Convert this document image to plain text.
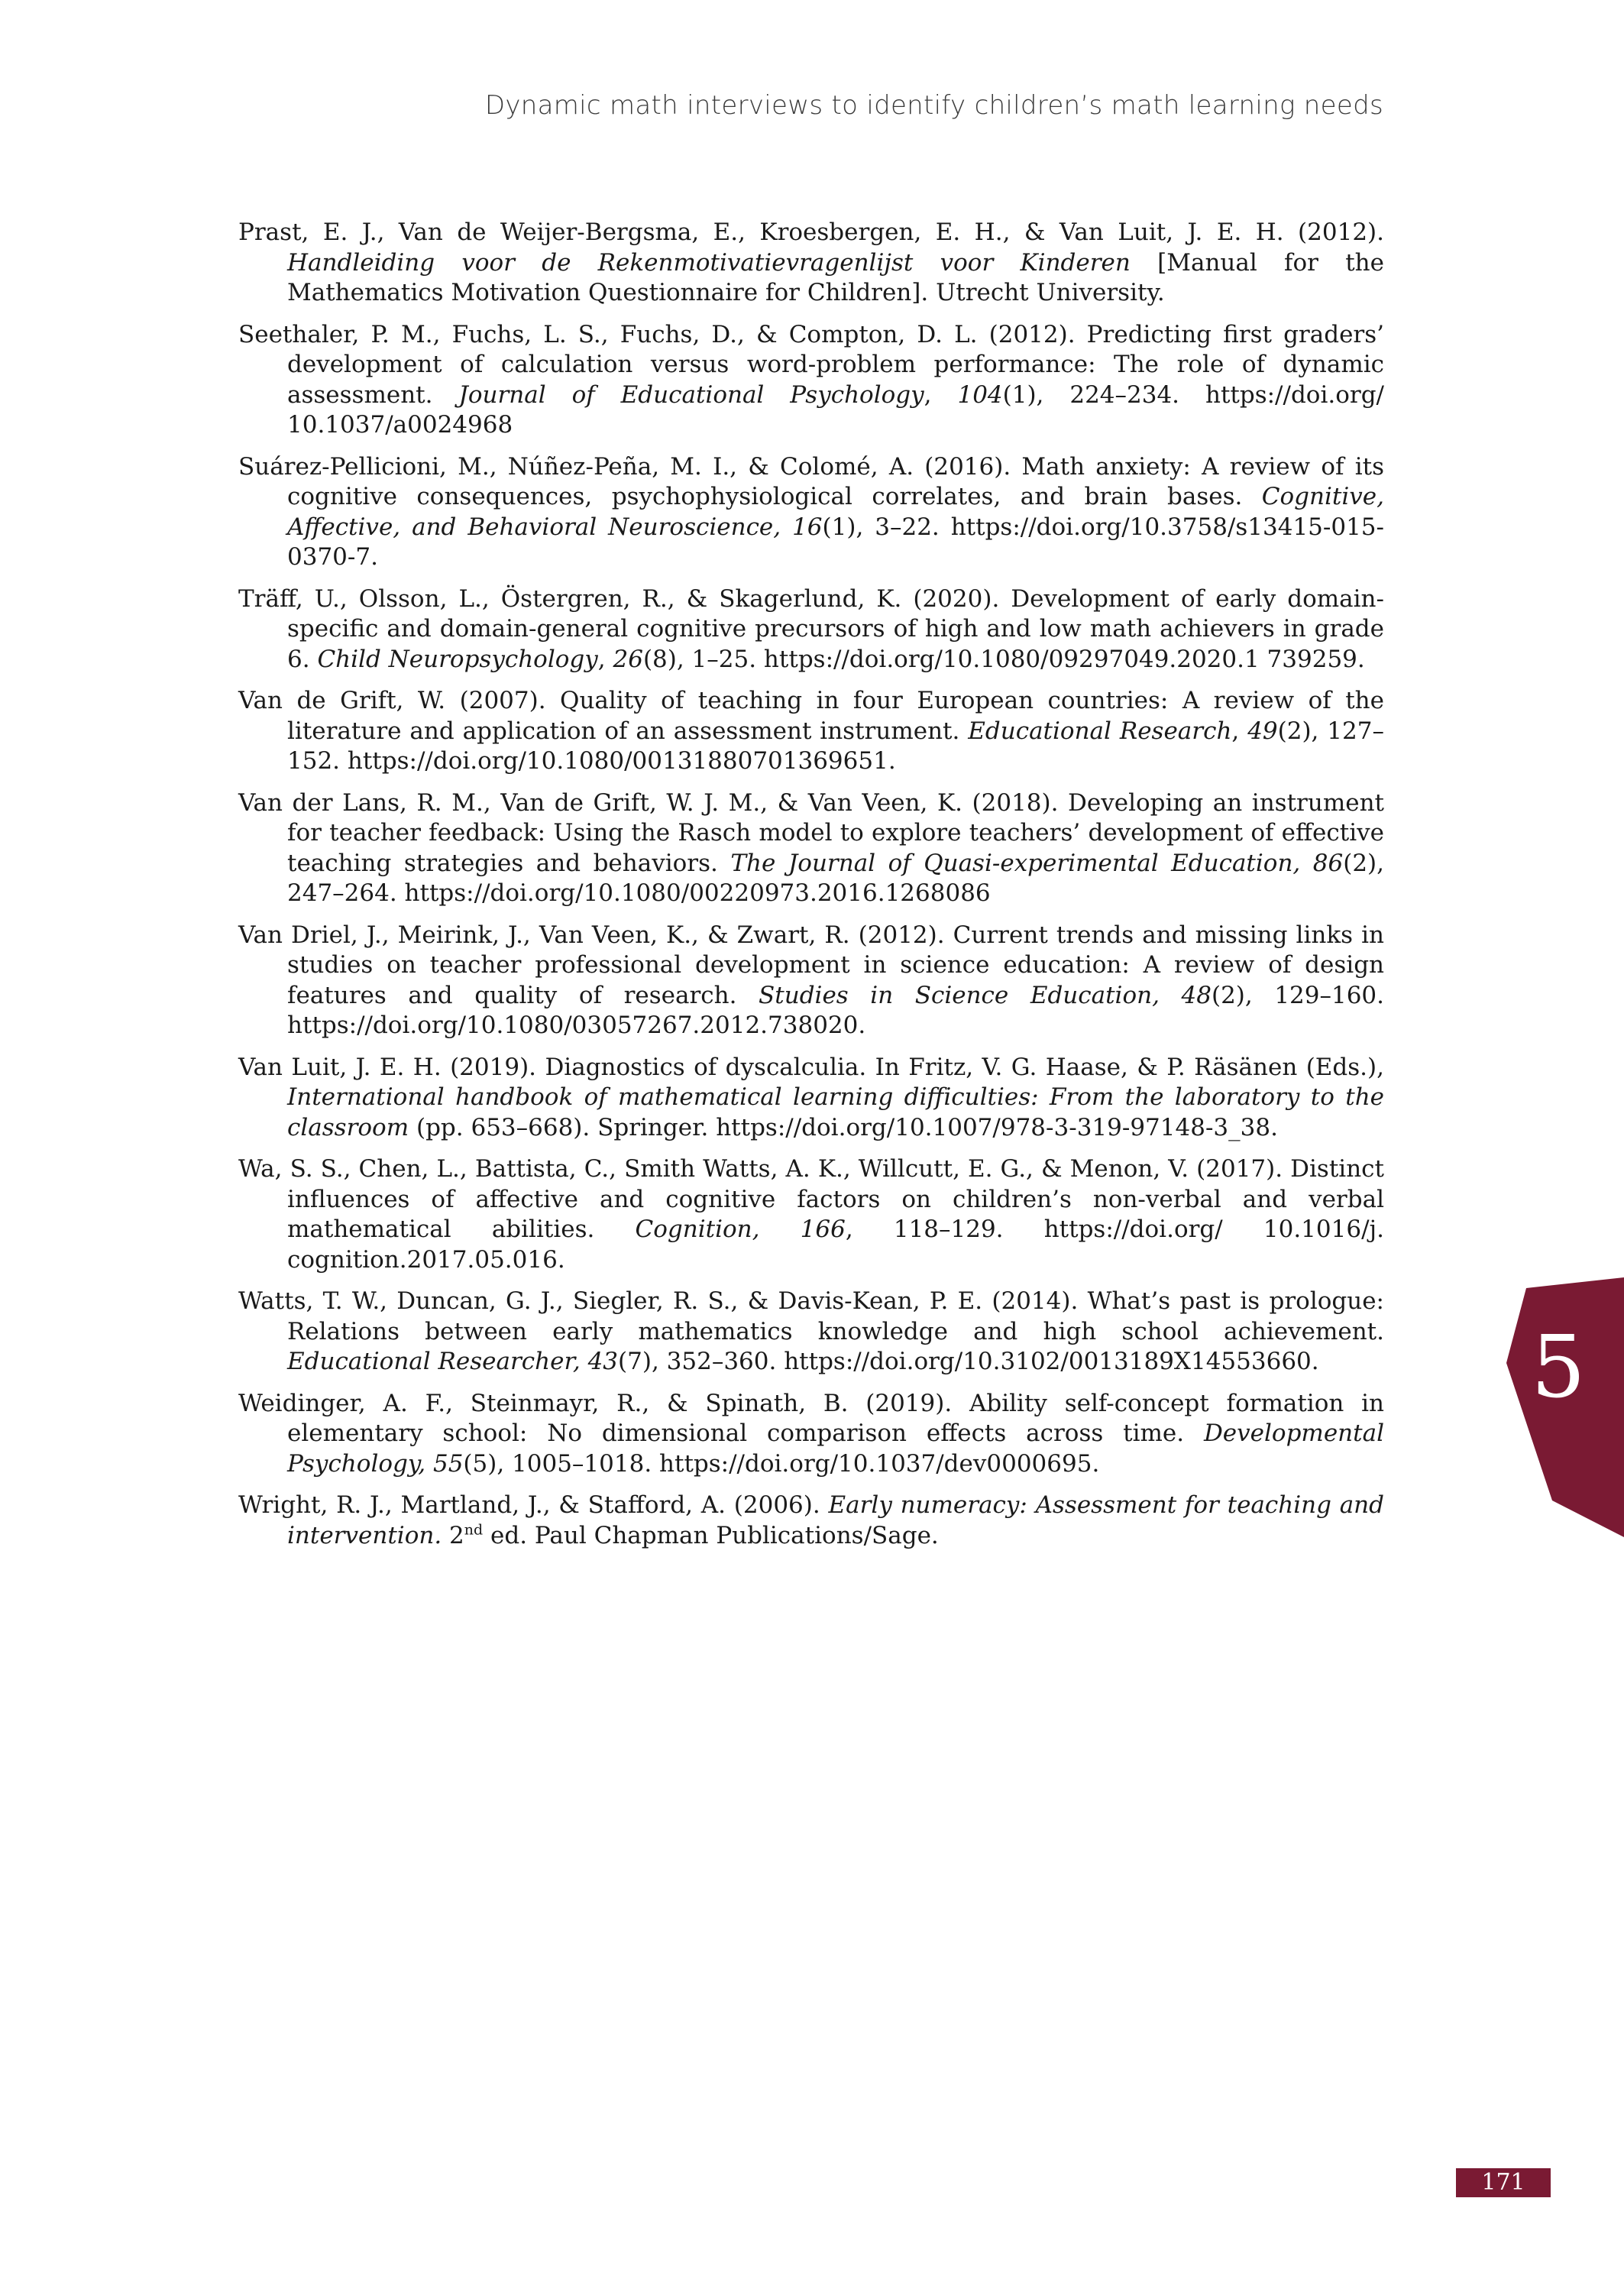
Dynamic math interviews to identify children’s math learning needs
Prast, E. J., Van de Weijer-Bergsma, E., Kroesbergen, E. H., & Van Luit, J. E. H. (2012). Handleiding voor de Rekenmotivatievragenlijst voor Kinderen [Manual for the Mathematics Motivation Questionnaire for Children]. Utrecht University.
Seethaler, P. M., Fuchs, L. S., Fuchs, D., & Compton, D. L. (2012). Predicting first graders’ development of calculation versus word-problem performance: The role of dynamic assessment. Journal of Educational Psychology, 104(1), 224–234. https://doi.org/ 10.1037/a0024968
Suárez-Pellicioni, M., Núñez-Peña, M. I., & Colomé, A. (2016). Math anxiety: A review of its cognitive consequences, psychophysiological correlates, and brain bases. Cognitive, Affective, and Behavioral Neuroscience, 16(1), 3–22. https://doi.org/10.3758/s13415-015-0370-7.
Träff, U., Olsson, L., Östergren, R., & Skagerlund, K. (2020). Development of early domain-specific and domain-general cognitive precursors of high and low math achievers in grade 6. Child Neuropsychology, 26(8), 1–25. https://doi.org/10.1080/09297049.2020.1 739259.
Van de Grift, W. (2007). Quality of teaching in four European countries: A review of the literature and application of an assessment instrument. Educational Research, 49(2), 127–152. https://doi.org/10.1080/00131880701369651.
Van der Lans, R. M., Van de Grift, W. J. M., & Van Veen, K. (2018). Developing an instrument for teacher feedback: Using the Rasch model to explore teachers’ development of effective teaching strategies and behaviors. The Journal of Quasi-experimental Education, 86(2), 247–264. https://doi.org/10.1080/00220973.2016.1268086
Van Driel, J., Meirink, J., Van Veen, K., & Zwart, R. (2012). Current trends and missing links in studies on teacher professional development in science education: A review of design features and quality of research. Studies in Science Education, 48(2), 129–160. https://doi.org/10.1080/03057267.2012.738020.
Van Luit, J. E. H. (2019). Diagnostics of dyscalculia. In Fritz, V. G. Haase, & P. Räsänen (Eds.), International handbook of mathematical learning difficulties: From the laboratory to the classroom (pp. 653–668). Springer. https://doi.org/10.1007/978-3-319-97148-3_38.
Wa, S. S., Chen, L., Battista, C., Smith Watts, A. K., Willcutt, E. G., & Menon, V. (2017). Distinct influences of affective and cognitive factors on children’s non-verbal and verbal mathematical abilities. Cognition, 166, 118–129. https://doi.org/ 10.1016/j. cognition.2017.05.016.
Watts, T. W., Duncan, G. J., Siegler, R. S., & Davis-Kean, P. E. (2014). What’s past is prologue: Relations between early mathematics knowledge and high school achievement. Educational Researcher, 43(7), 352–360. https://doi.org/10.3102/0013189X14553660.
Weidinger, A. F., Steinmayr, R., & Spinath, B. (2019). Ability self-concept formation in elementary school: No dimensional comparison effects across time. Developmental Psychology, 55(5), 1005–1018. https://doi.org/10.1037/dev0000695.
Wright, R. J., Martland, J., & Stafford, A. (2006). Early numeracy: Assessment for teaching and intervention. 2nd ed. Paul Chapman Publications/Sage.
5
171
